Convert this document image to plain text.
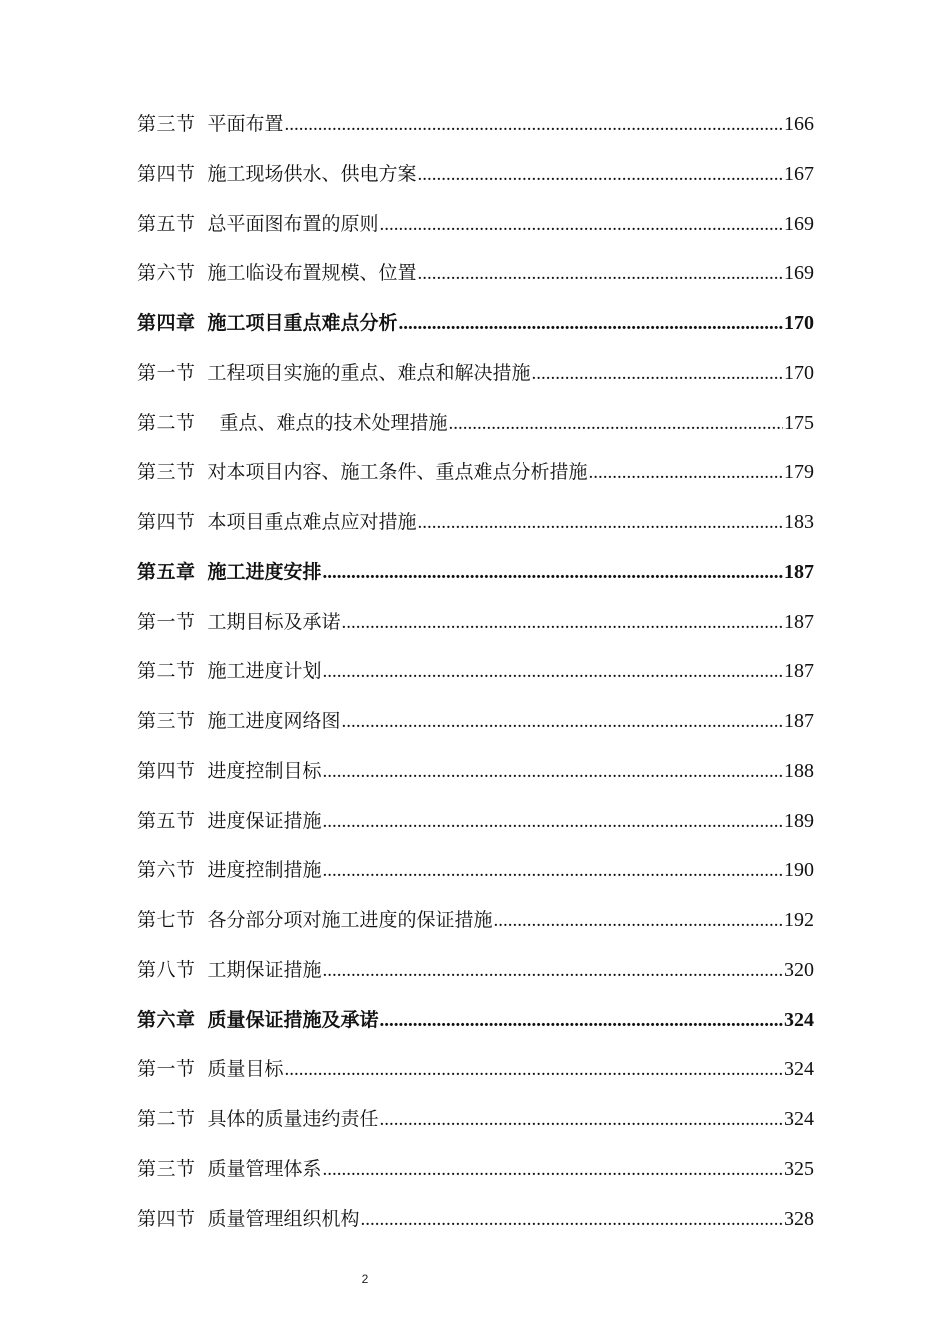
第三节 平面布置 .....	166
第四节 施工现场供水、供电方案 .....	167
第五节 总平面图布置的原则 .....	169
第六节 施工临设布置规模、位置 .....	169
第四章 施工项目重点难点分析 .....	170
第一节 工程项目实施的重点、难点和解决措施 .....	170
第二节 重点、难点的技术处理措施 .....	175
第三节 对本项目内容、施工条件、重点难点分析措施 .....	179
第四节 本项目重点难点应对措施 .....	183
第五章 施工进度安排 .....	187
第一节 工期目标及承诺 .....	187
第二节 施工进度计划 .....	187
第三节 施工进度网络图 .....	187
第四节 进度控制目标 .....	188
第五节 进度保证措施 .....	189
第六节 进度控制措施 .....	190
第七节 各分部分项对施工进度的保证措施 .....	192
第八节 工期保证措施 .....	320
第六章 质量保证措施及承诺 .....	324
第一节 质量目标 .....	324
第二节 具体的质量违约责任 .....	324
第三节 质量管理体系 .....	325
第四节 质量管理组织机构 .....	328
2
